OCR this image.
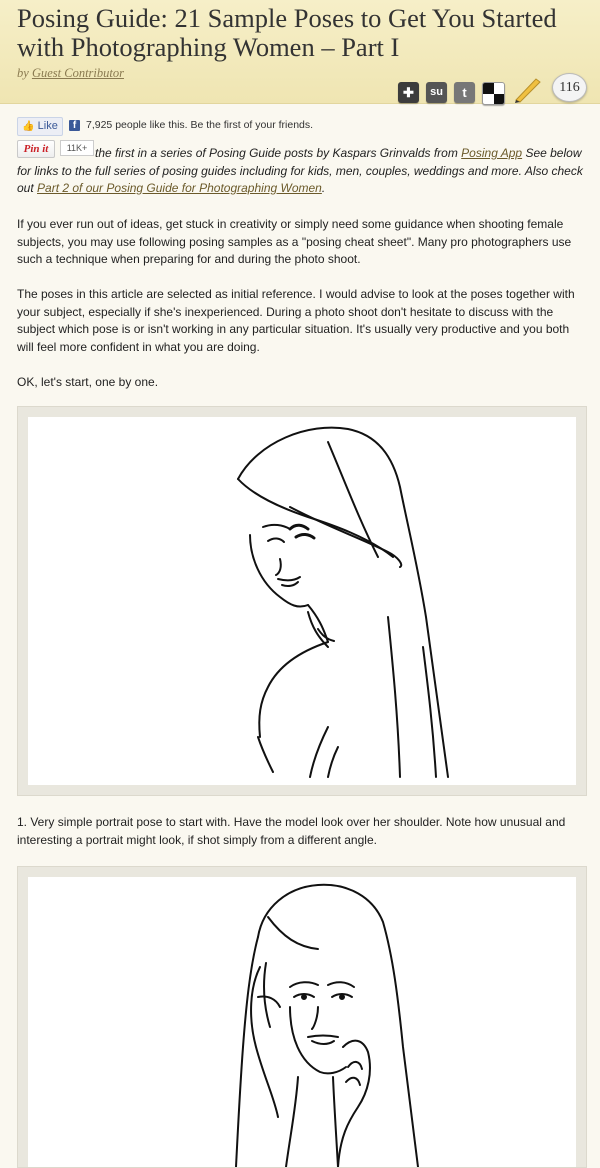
Posing Guide: 21 Sample Poses to Get You Started with Photographing Women – Part I
by Guest Contributor
✚	su	t	116
👍 Like	f 7,925 people like this. Be the first of your friends.
Pin it	11K+ the first in a series of Posing Guide posts by Kaspars Grinvalds from Posing App See below for links to the full series of posing guides including for kids, men, couples, weddings and more. Also check out Part 2 of our Posing Guide for Photographing Women.

If you ever run out of ideas, get stuck in creativity or simply need some guidance when shooting female subjects, you may use following posing samples as a "posing cheat sheet". Many pro photographers use such a technique when preparing for and during the photo shoot.

The poses in this article are selected as initial reference. I would advise to look at the poses together with your subject, especially if she's inexperienced. During a photo shoot don't hesitate to discuss with the subject which pose is or isn't working in any particular situation. It's usually very productive and you both will feel more confident in what you are doing.

OK, let's start, one by one.

1. Very simple portrait pose to start with. Have the model look over her shoulder. Note how unusual and interesting a portrait might look, if shot simply from a different angle.
